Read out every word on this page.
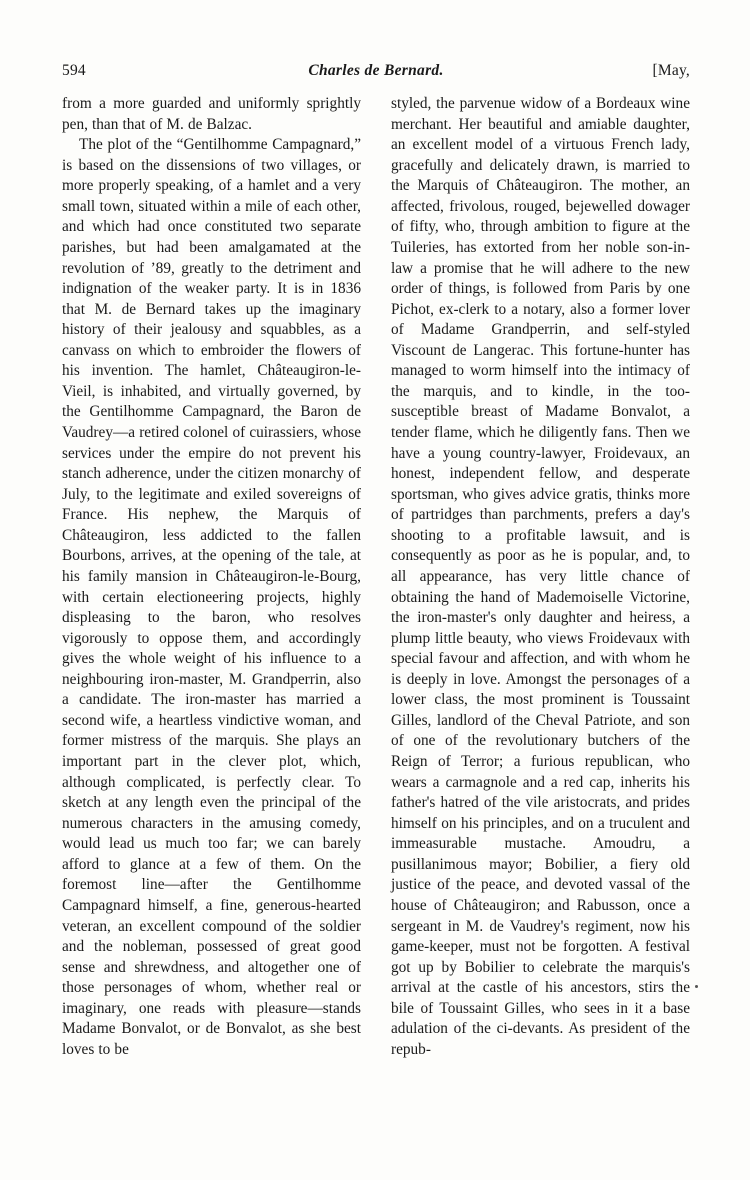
594	Charles de Bernard.	[May,

from a more guarded and uniformly sprightly pen, than that of M. de Balzac.

The plot of the “Gentilhomme Campagnard,” is based on the dissensions of two villages, or more properly speaking, of a hamlet and a very small town, situated within a mile of each other, and which had once constituted two separate parishes, but had been amalgamated at the revolution of ’89, greatly to the detriment and indignation of the weaker party. It is in 1836 that M. de Bernard takes up the imaginary history of their jealousy and squabbles, as a canvass on which to embroider the flowers of his invention. The hamlet, Châteaugiron-le-Vieil, is inhabited, and virtually governed, by the Gentilhomme Campagnard, the Baron de Vaudrey—a retired colonel of cuirassiers, whose services under the empire do not prevent his stanch adherence, under the citizen monarchy of July, to the legitimate and exiled sovereigns of France. His nephew, the Marquis of Châteaugiron, less addicted to the fallen Bourbons, arrives, at the opening of the tale, at his family mansion in Châteaugiron-le-Bourg, with certain electioneering projects, highly displeasing to the baron, who resolves vigorously to oppose them, and accordingly gives the whole weight of his influence to a neighbouring iron-master, M. Grandperrin, also a candidate. The iron-master has married a second wife, a heartless vindictive woman, and former mistress of the marquis. She plays an important part in the clever plot, which, although complicated, is perfectly clear. To sketch at any length even the principal of the numerous characters in the amusing comedy, would lead us much too far; we can barely afford to glance at a few of them. On the foremost line—after the Gentilhomme Campagnard himself, a fine, generous-hearted veteran, an excellent compound of the soldier and the nobleman, possessed of great good sense and shrewdness, and altogether one of those personages of whom, whether real or imaginary, one reads with pleasure—stands Madame Bonvalot, or de Bonvalot, as she best loves to be

styled, the parvenue widow of a Bordeaux wine merchant. Her beautiful and amiable daughter, an excellent model of a virtuous French lady, gracefully and delicately drawn, is married to the Marquis of Châteaugiron. The mother, an affected, frivolous, rouged, bejewelled dowager of fifty, who, through ambition to figure at the Tuileries, has extorted from her noble son-in-law a promise that he will adhere to the new order of things, is followed from Paris by one Pichot, ex-clerk to a notary, also a former lover of Madame Grandperrin, and self-styled Viscount de Langerac. This fortune-hunter has managed to worm himself into the intimacy of the marquis, and to kindle, in the too-susceptible breast of Madame Bonvalot, a tender flame, which he diligently fans. Then we have a young country-lawyer, Froidevaux, an honest, independent fellow, and desperate sportsman, who gives advice gratis, thinks more of partridges than parchments, prefers a day's shooting to a profitable lawsuit, and is consequently as poor as he is popular, and, to all appearance, has very little chance of obtaining the hand of Mademoiselle Victorine, the iron-master's only daughter and heiress, a plump little beauty, who views Froidevaux with special favour and affection, and with whom he is deeply in love. Amongst the personages of a lower class, the most prominent is Toussaint Gilles, landlord of the Cheval Patriote, and son of one of the revolutionary butchers of the Reign of Terror; a furious republican, who wears a carmagnole and a red cap, inherits his father's hatred of the vile aristocrats, and prides himself on his principles, and on a truculent and immeasurable mustache. Amoudru, a pusillanimous mayor; Bobilier, a fiery old justice of the peace, and devoted vassal of the house of Châteaugiron; and Rabusson, once a sergeant in M. de Vaudrey's regiment, now his game-keeper, must not be forgotten. A festival got up by Bobilier to celebrate the marquis's arrival at the castle of his ancestors, stirs the bile of Toussaint Gilles, who sees in it a base adulation of the ci-devants. As president of the repub-
